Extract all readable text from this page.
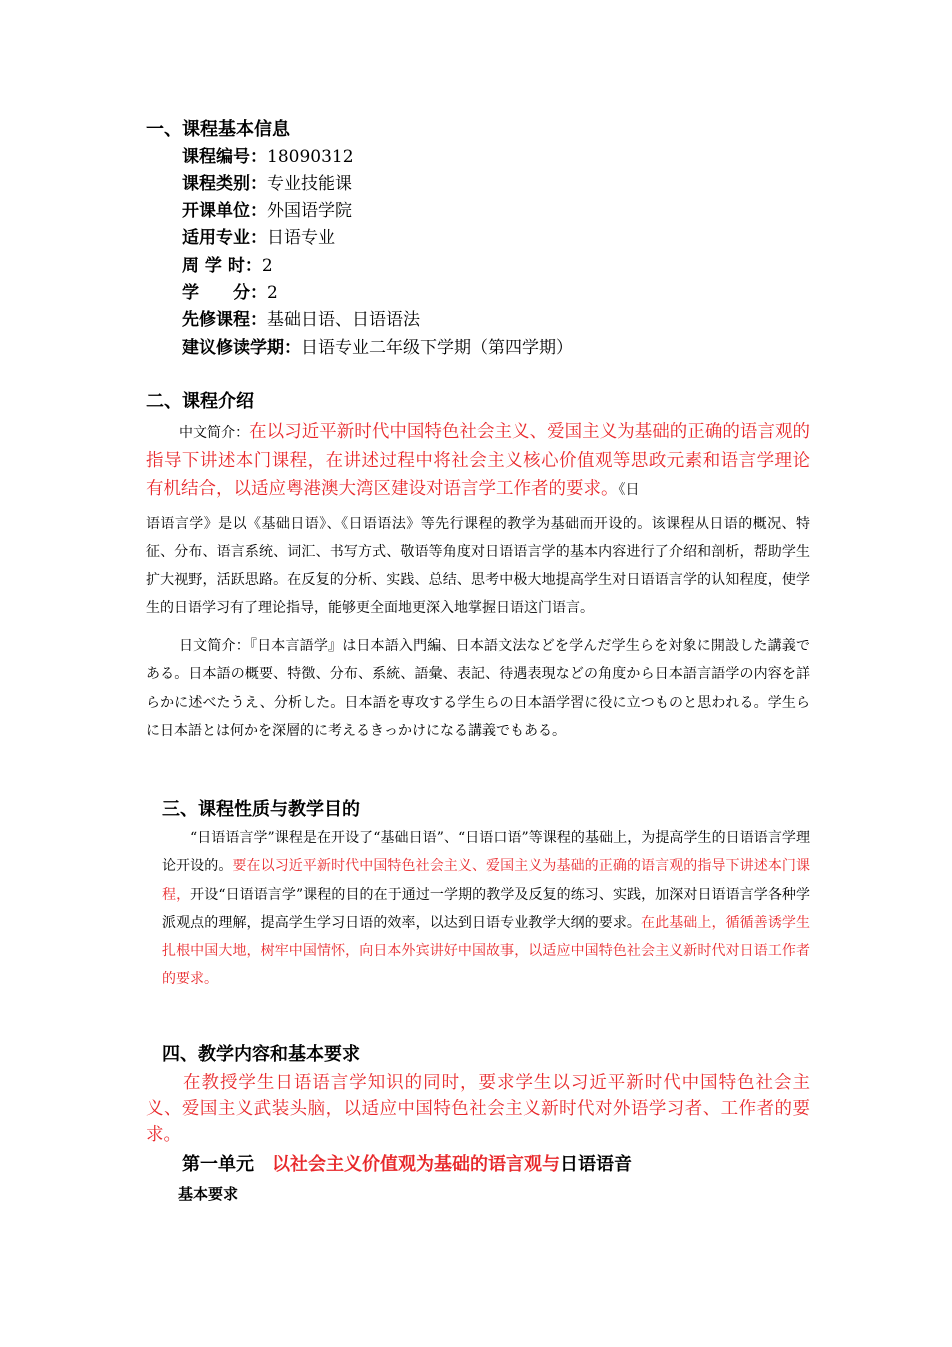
一、课程基本信息
课程编号：18090312
课程类别：专业技能课
开课单位：外国语学院
适用专业：日语专业
周 学 时：2
学　　分：2
先修课程：基础日语、日语语法
建议修读学期：日语专业二年级下学期（第四学期）
二、课程介绍
中文简介：在以习近平新时代中国特色社会主义、爱国主义为基础的正确的语言观的指导下讲述本门课程，在讲述过程中将社会主义核心价值观等思政元素和语言学理论有机结合，以适应粤港澳大湾区建设对语言学工作者的要求。《日
语语言学》是以《基础日语》、《日语语法》等先行课程的教学为基础而开设的。该课程从日语的概况、特征、分布、语言系统、词汇、书写方式、敬语等角度对日语语言学的基本内容进行了介绍和剖析，帮助学生扩大视野，活跃思路。在反复的分析、实践、总结、思考中极大地提高学生对日语语言学的认知程度，使学生的日语学习有了理论指导，能够更全面地更深入地掌握日语这门语言。
日文简介：『日本言語学』は日本語入門編、日本語文法などを学んだ学生らを対象に開設した講義である。日本語の概要、特徴、分布、系統、語彙、表記、待遇表現などの角度から日本語言語学の内容を詳らかに述べたうえ、分析した。日本語を専攻する学生らの日本語学習に役に立つものと思われる。学生らに日本語とは何かを深層的に考えるきっかけになる講義でもある。
三、课程性质与教学目的
“日语语言学”课程是在开设了“基础日语”、“日语口语”等课程的基础上，为提高学生的日语语言学理论开设的。要在以习近平新时代中国特色社会主义、爱国主义为基础的正确的语言观的指导下讲述本门课程，开设“日语语言学”课程的目的在于通过一学期的教学及反复的练习、实践，加深对日语语言学各种学派观点的理解，提高学生学习日语的效率，以达到日语专业教学大纲的要求。在此基础上，循循善诱学生扎根中国大地，树牢中国情怀，向日本外宾讲好中国故事，以适应中国特色社会主义新时代对日语工作者的要求。
四、教学内容和基本要求
在教授学生日语语言学知识的同时，要求学生以习近平新时代中国特色社会主义、爱国主义武装头脑，以适应中国特色社会主义新时代对外语学习者、工作者的要求。
第一单元 以社会主义价值观为基础的语言观与日语语音
基本要求
